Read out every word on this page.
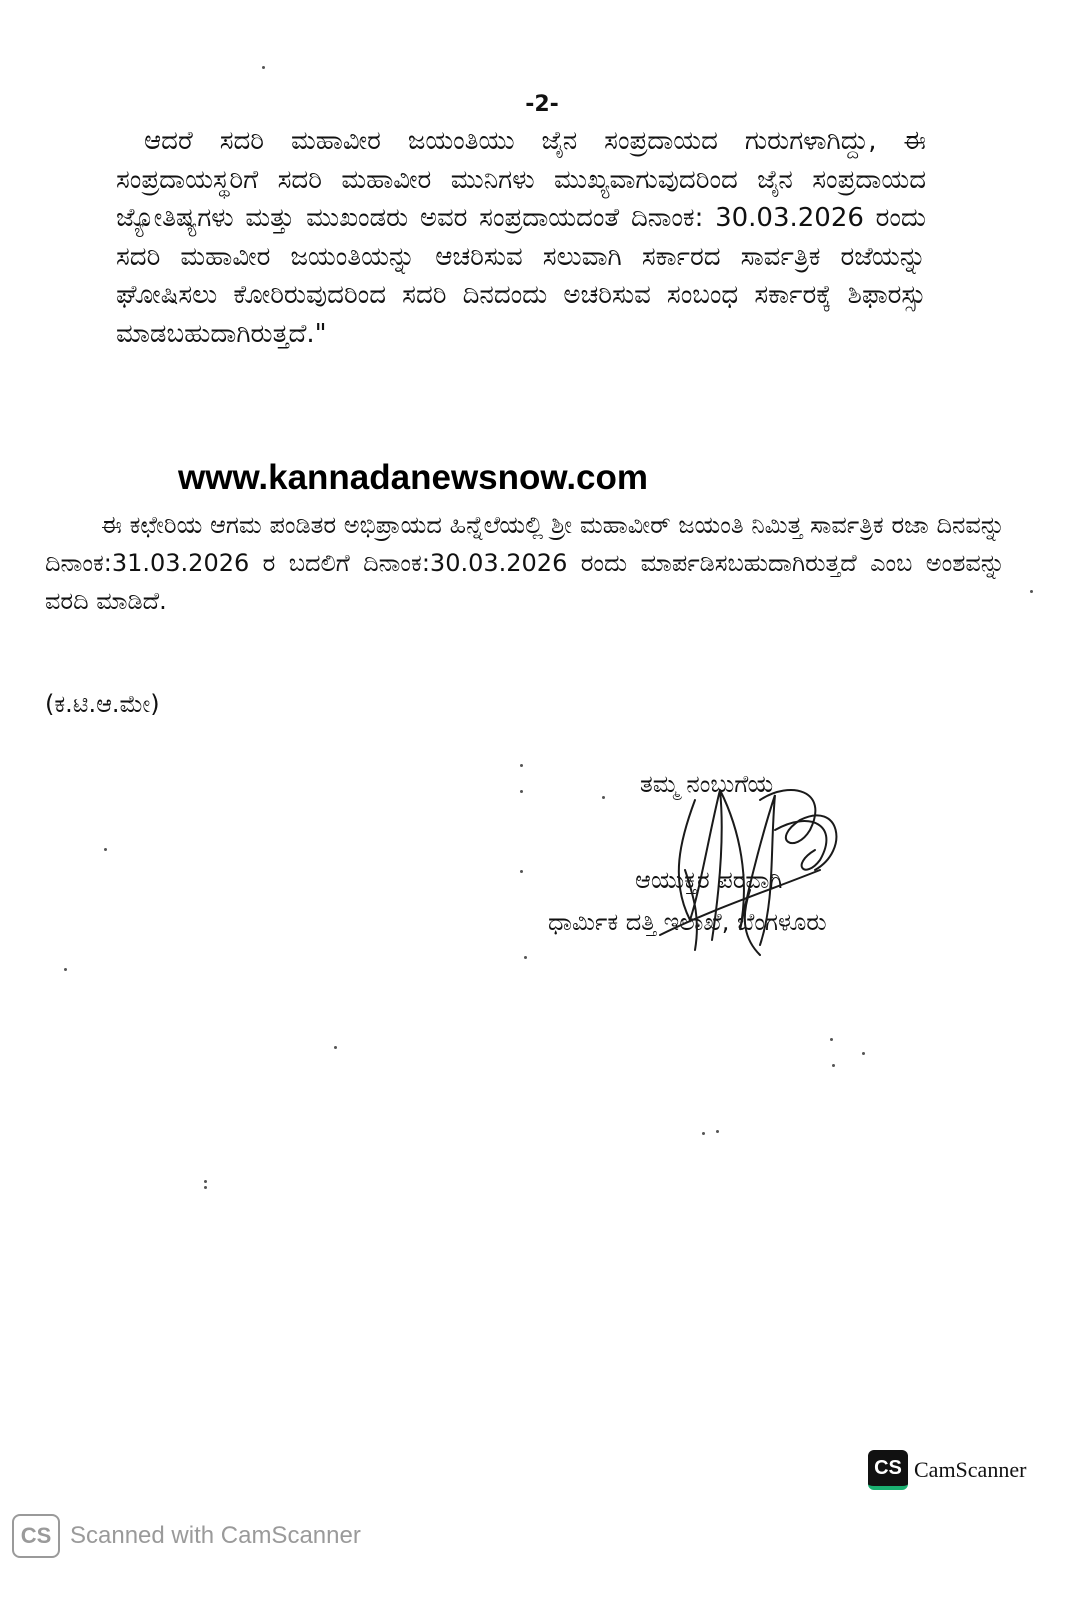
-2-

ಆದರೆ ಸದರಿ ಮಹಾವೀರ ಜಯಂತಿಯು ಜೈನ ಸಂಪ್ರದಾಯದ ಗುರುಗಳಾಗಿದ್ದು, ಈ ಸಂಪ್ರದಾಯಸ್ಥರಿಗೆ ಸದರಿ ಮಹಾವೀರ ಮುನಿಗಳು ಮುಖ್ಯವಾಗುವುದರಿಂದ ಜೈನ ಸಂಪ್ರದಾಯದ ಜ್ಯೋತಿಷ್ಯಗಳು ಮತ್ತು ಮುಖಂಡರು ಅವರ ಸಂಪ್ರದಾಯದಂತೆ ದಿನಾಂಕ: 30.03.2026 ರಂದು ಸದರಿ ಮಹಾವೀರ ಜಯಂತಿಯನ್ನು ಆಚರಿಸುವ ಸಲುವಾಗಿ ಸರ್ಕಾರದ ಸಾರ್ವತ್ರಿಕ ರಜೆಯನ್ನು ಘೋಷಿಸಲು ಕೋರಿರುವುದರಿಂದ ಸದರಿ ದಿನದಂದು ಅಚರಿಸುವ ಸಂಬಂಧ ಸರ್ಕಾರಕ್ಕೆ ಶಿಫಾರಸ್ಸು ಮಾಡಬಹುದಾಗಿರುತ್ತದೆ."

www.kannadanewsnow.com

ಈ ಕಛೇರಿಯ ಆಗಮ ಪಂಡಿತರ ಅಭಿಪ್ರಾಯದ ಹಿನ್ನೆಲೆಯಲ್ಲಿ ಶ್ರೀ ಮಹಾವೀರ್ ಜಯಂತಿ ನಿಮಿತ್ತ ಸಾರ್ವತ್ರಿಕ ರಜಾ ದಿನವನ್ನು ದಿನಾಂಕ:31.03.2026 ರ ಬದಲಿಗೆ ದಿನಾಂಕ:30.03.2026 ರಂದು ಮಾರ್ಪಡಿಸಬಹುದಾಗಿರುತ್ತದೆ ಎಂಬ ಅಂಶವನ್ನು ವರದಿ ಮಾಡಿದೆ.

(ಕ.ಟಿ.ಆ.ಮೇ)
ತಮ್ಮ ನಂಬುಗೆಯ
ಆಯುಕ್ತರ ಪರವಾಗಿ
ಧಾರ್ಮಿಕ ದತ್ತಿ ಇಲಾಖೆ, ಬೆಂಗಳೂರು
CS CamScanner
CS Scanned with CamScanner
